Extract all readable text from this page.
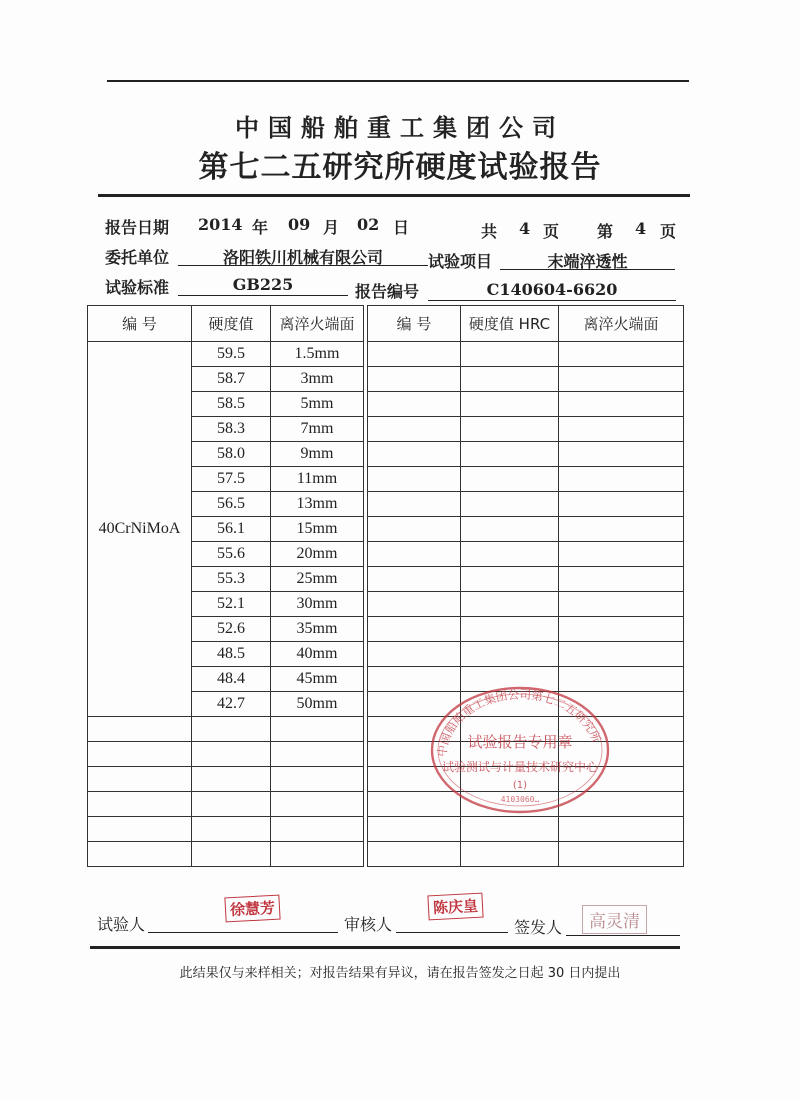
中国船舶重工集团公司
第七二五研究所硬度试验报告
报告日期 2014 年 09 月 02 日	共 4 页 第 4 页
委托单位	洛阳铁川机械有限公司	试验项目	末端淬透性
试验标准	GB225	报告编号	C140604-6620
编 号	硬度值	离淬火端面
40CrNiMoA	59.5	1.5mm
	58.7	3mm
	58.5	5mm
	58.3	7mm
	58.0	9mm
	57.5	11mm
	56.5	13mm
	56.1	15mm
	55.6	20mm
	55.3	25mm
	52.1	30mm
	52.6	35mm
	48.5	40mm
	48.4	45mm
	42.7	50mm

编 号	硬度值 HRC	离淬火端面

中国船舶重工集团公司第七二五研究所
试验报告专用章
试验测试与计量技术研究中心
(1)
4103060…
试验人
徐慧芳
审核人
陈庆皇
签发人	高灵清
此结果仅与来样相关；对报告结果有异议，请在报告签发之日起 30 日内提出
